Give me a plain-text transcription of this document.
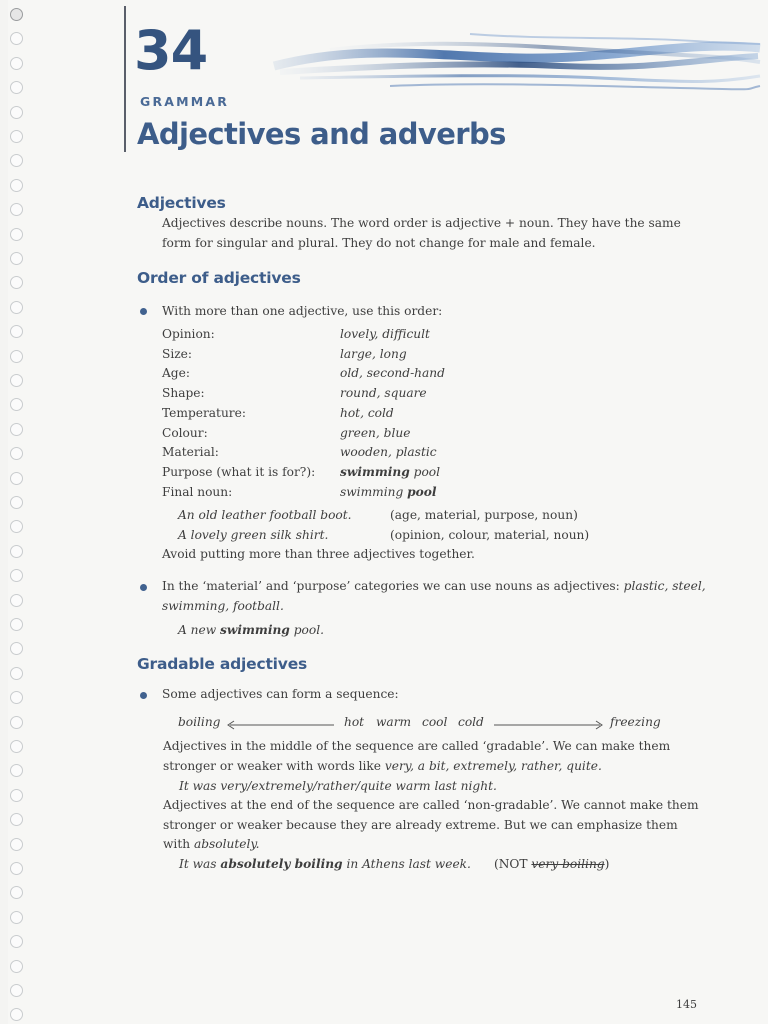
34
GRAMMAR
Adjectives and adverbs
Adjectives
Adjectives describe nouns. The word order is adjective + noun. They have the same
form for singular and plural. They do not change for male and female.
Order of adjectives
With more than one adjective, use this order:
Opinion:	lovely, difficult
Size:	large, long
Age:	old, second-hand
Shape:	round, square
Temperature:	hot, cold
Colour:	green, blue
Material:	wooden, plastic
Purpose (what it is for?): swimming pool
Final noun:	swimming pool
An old leather football boot.	(age, material, purpose, noun)
A lovely green silk shirt.	(opinion, colour, material, noun)
Avoid putting more than three adjectives together.
In the ‘material’ and ‘purpose’ categories we can use nouns as adjectives: plastic, steel,
swimming, football.
A new swimming pool.
Gradable adjectives
Some adjectives can form a sequence:
boiling	hot warm cool cold	freezing
Adjectives in the middle of the sequence are called ‘gradable’. We can make them
stronger or weaker with words like very, a bit, extremely, rather, quite.
It was very/extremely/rather/quite warm last night.
Adjectives at the end of the sequence are called ‘non-gradable’. We cannot make them
stronger or weaker because they are already extreme. But we can emphasize them
with absolutely.
It was absolutely boiling in Athens last week. (NOT very boiling)
145
